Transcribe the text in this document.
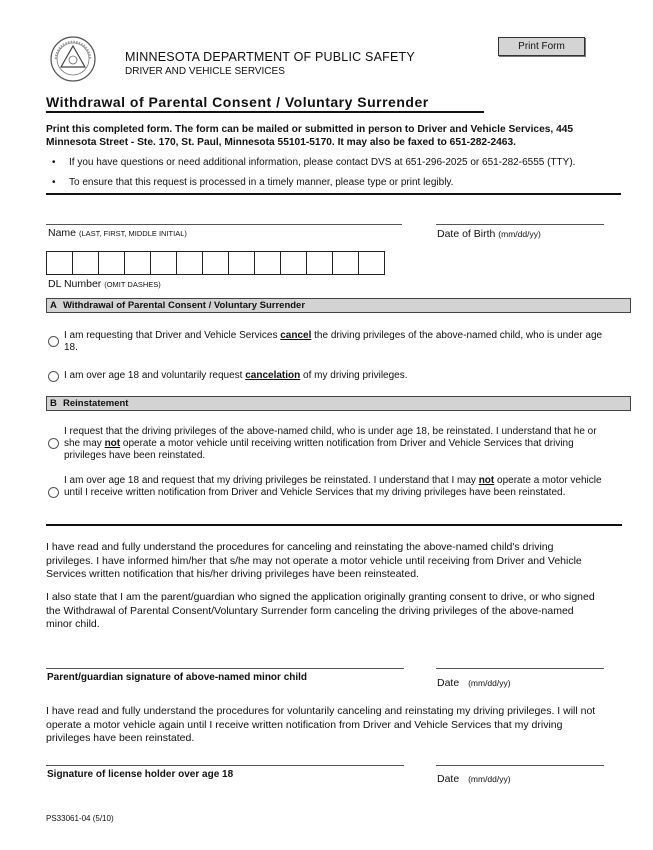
MINNESOTA DEPARTMENT OF PUBLIC SAFETY
DRIVER AND VEHICLE SERVICES
Print Form
Withdrawal of Parental Consent / Voluntary Surrender
Print this completed form. The form can be mailed or submitted in person to Driver and Vehicle Services, 445 Minnesota Street - Ste. 170, St. Paul, Minnesota 55101-5170. It may also be faxed to 651-282-2463.
• If you have questions or need additional information, please contact DVS at 651-296-2025 or 651-282-6555 (TTY).
• To ensure that this request is processed in a timely manner, please type or print legibly.
Name (LAST, FIRST, MIDDLE INITIAL)	Date of Birth (mm/dd/yy)
DL Number (OMIT DASHES)
A Withdrawal of Parental Consent / Voluntary Surrender
I am requesting that Driver and Vehicle Services cancel the driving privileges of the above-named child, who is under age 18.
I am over age 18 and voluntarily request cancelation of my driving privileges.
B Reinstatement
I request that the driving privileges of the above-named child, who is under age 18, be reinstated. I understand that he or she may not operate a motor vehicle until receiving written notification from Driver and Vehicle Services that driving privileges have been reinstated.
I am over age 18 and request that my driving privileges be reinstated. I understand that I may not operate a motor vehicle until I receive written notification from Driver and Vehicle Services that my driving privileges have been reinstated.
I have read and fully understand the procedures for canceling and reinstating the above-named child's driving privileges. I have informed him/her that s/he may not operate a motor vehicle until receiving from Driver and Vehicle Services written notification that his/her driving privileges have been reinsteated.
I also state that I am the parent/guardian who signed the application originally granting consent to drive, or who signed the Withdrawal of Parental Consent/Voluntary Surrender form canceling the driving privileges of the above-named minor child.
Parent/guardian signature of above-named minor child	Date (mm/dd/yy)
I have read and fully understand the procedures for voluntarily canceling and reinstating my driving privileges. I will not operate a motor vehicle again until I receive written notification from Driver and Vehicle Services that my driving privileges have been reinstated.
Signature of license holder over age 18	Date (mm/dd/yy)
PS33061-04 (5/10)
